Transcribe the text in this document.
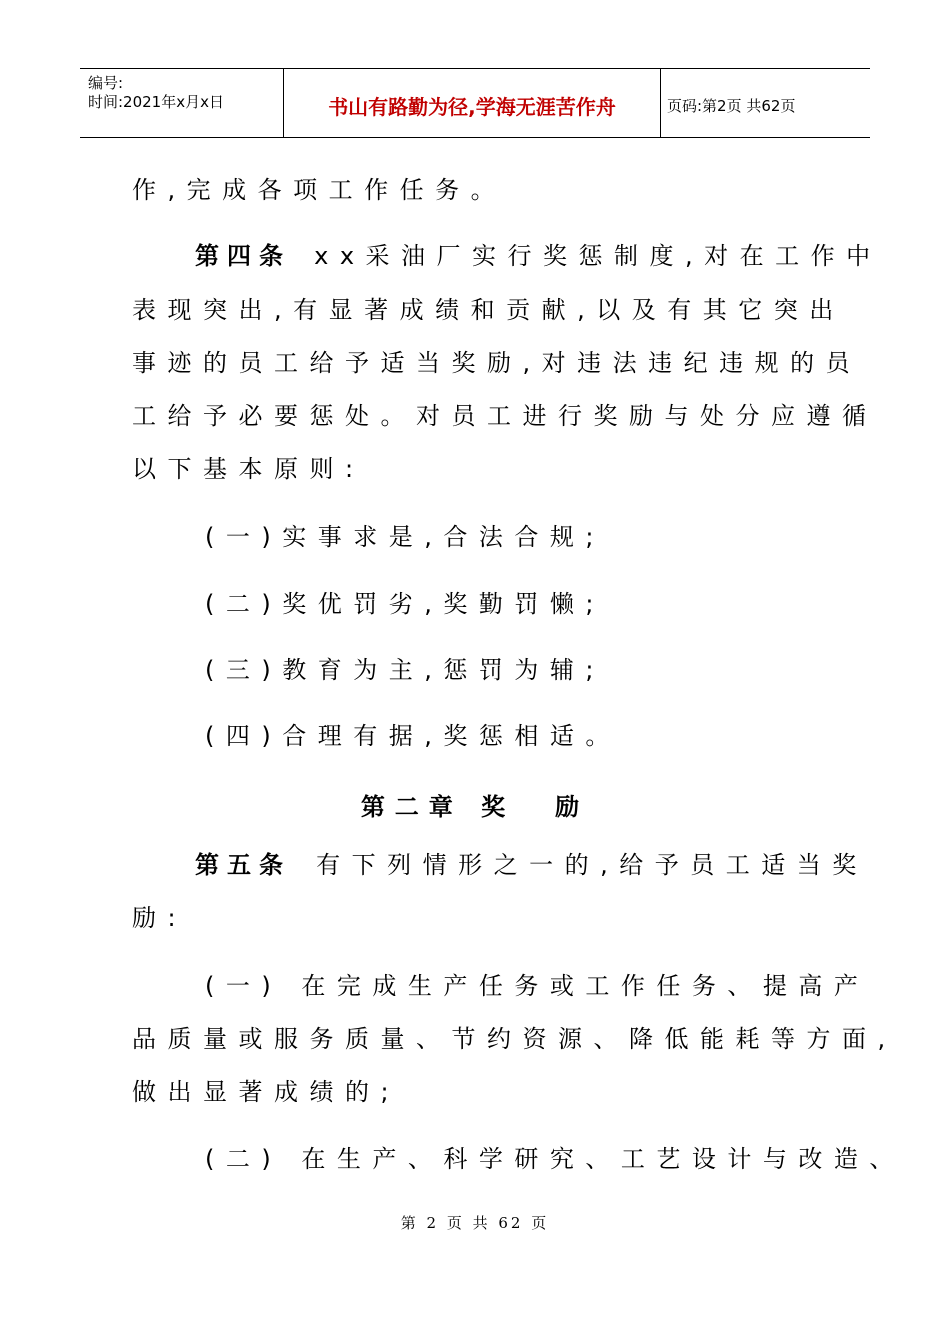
编号:
时间:2021年x月x日	书山有路勤为径,学海无涯苦作舟	页码:第2页 共62页
作,完成各项工作任务。
第四条 xx采油厂实行奖惩制度,对在工作中
表现突出,有显著成绩和贡献,以及有其它突出
事迹的员工给予适当奖励,对违法违纪违规的员
工给予必要惩处。对员工进行奖励与处分应遵循
以下基本原则:
(一)实事求是,合法合规;
(二)奖优罚劣,奖勤罚懒;
(三)教育为主,惩罚为辅;
(四)合理有据,奖惩相适。
第二章 奖 励
第五条 有下列情形之一的,给予员工适当奖
励:
(一) 在完成生产任务或工作任务、提高产
品质量或服务质量、节约资源、降低能耗等方面,
做出显著成绩的;
(二) 在生产、科学研究、工艺设计与改造、
第 2 页 共 62 页
